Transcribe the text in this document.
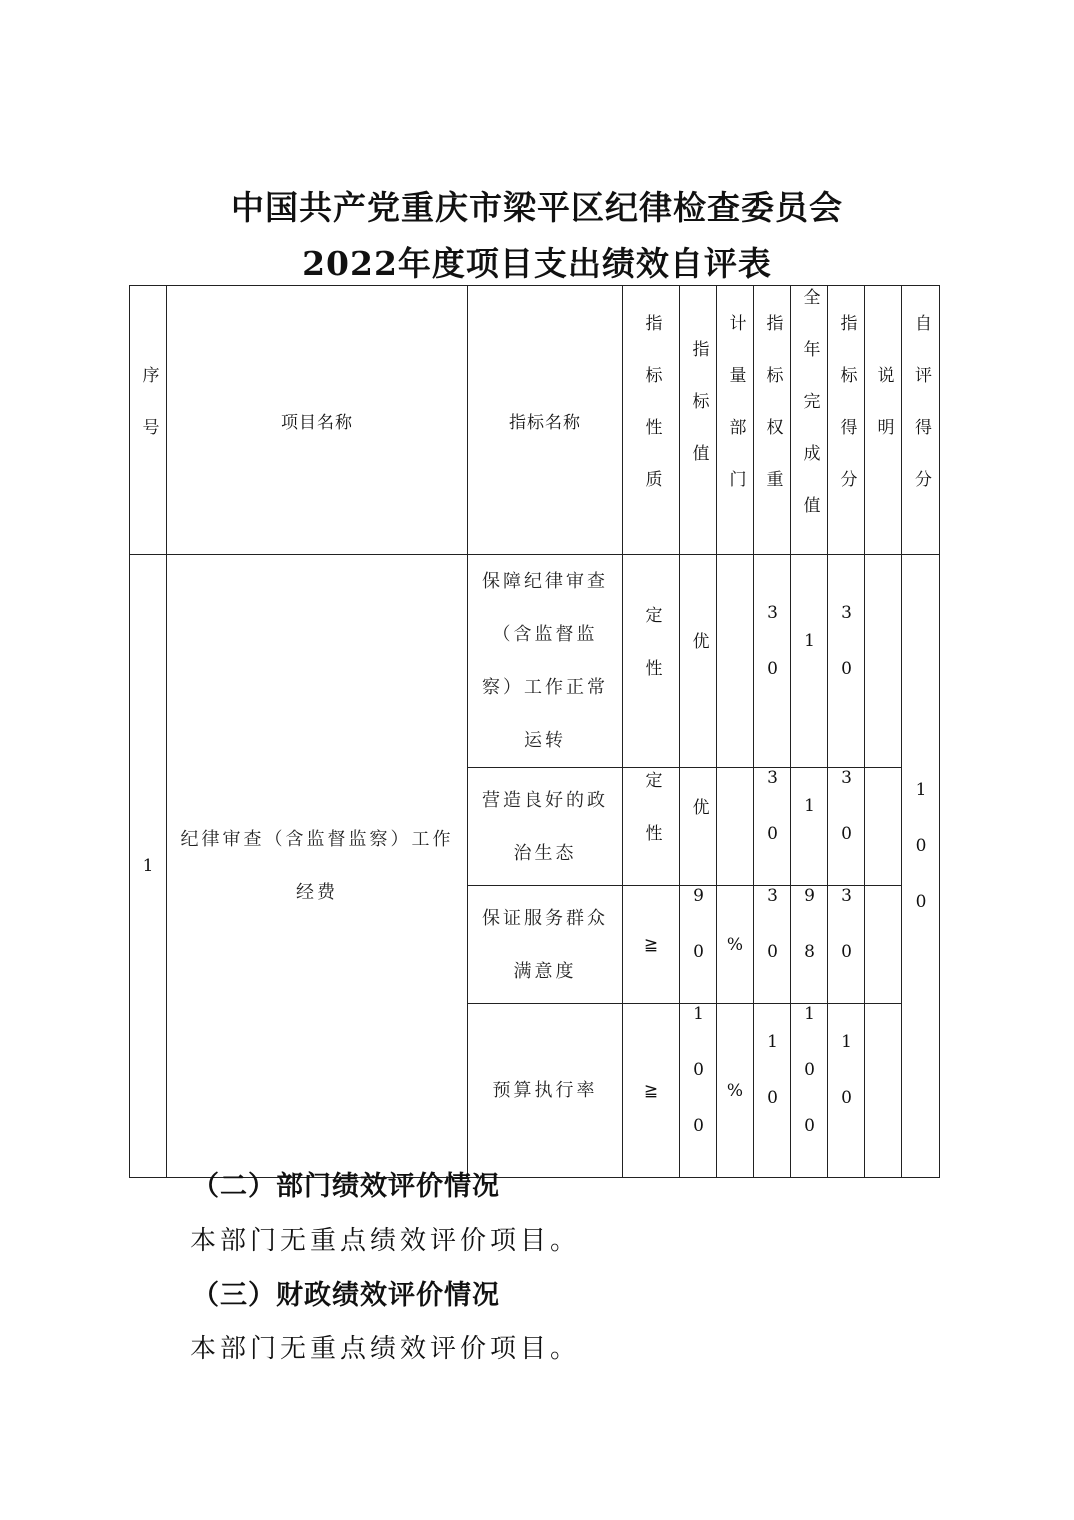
中国共产党重庆市梁平区纪律检查委员会
2022年度项目支出绩效自评表
序号	项目名称	指标名称	指标性质	指标值	计量部门	指标权重	全年完成值	指标得分	说明	自评得分
1	纪律审查（含监督监察）工作经费	保障纪律审查（含监督监察）工作正常运转	定性	优		30	1	30		100

		营造良好的政治生态	定性	优		30	1	30		

		保证服务群众满意度	≧	90	%	30	98	30		

		预算执行率	≧	100	%	10	100	10		
（二）部门绩效评价情况
本部门无重点绩效评价项目。
（三）财政绩效评价情况
本部门无重点绩效评价项目。
